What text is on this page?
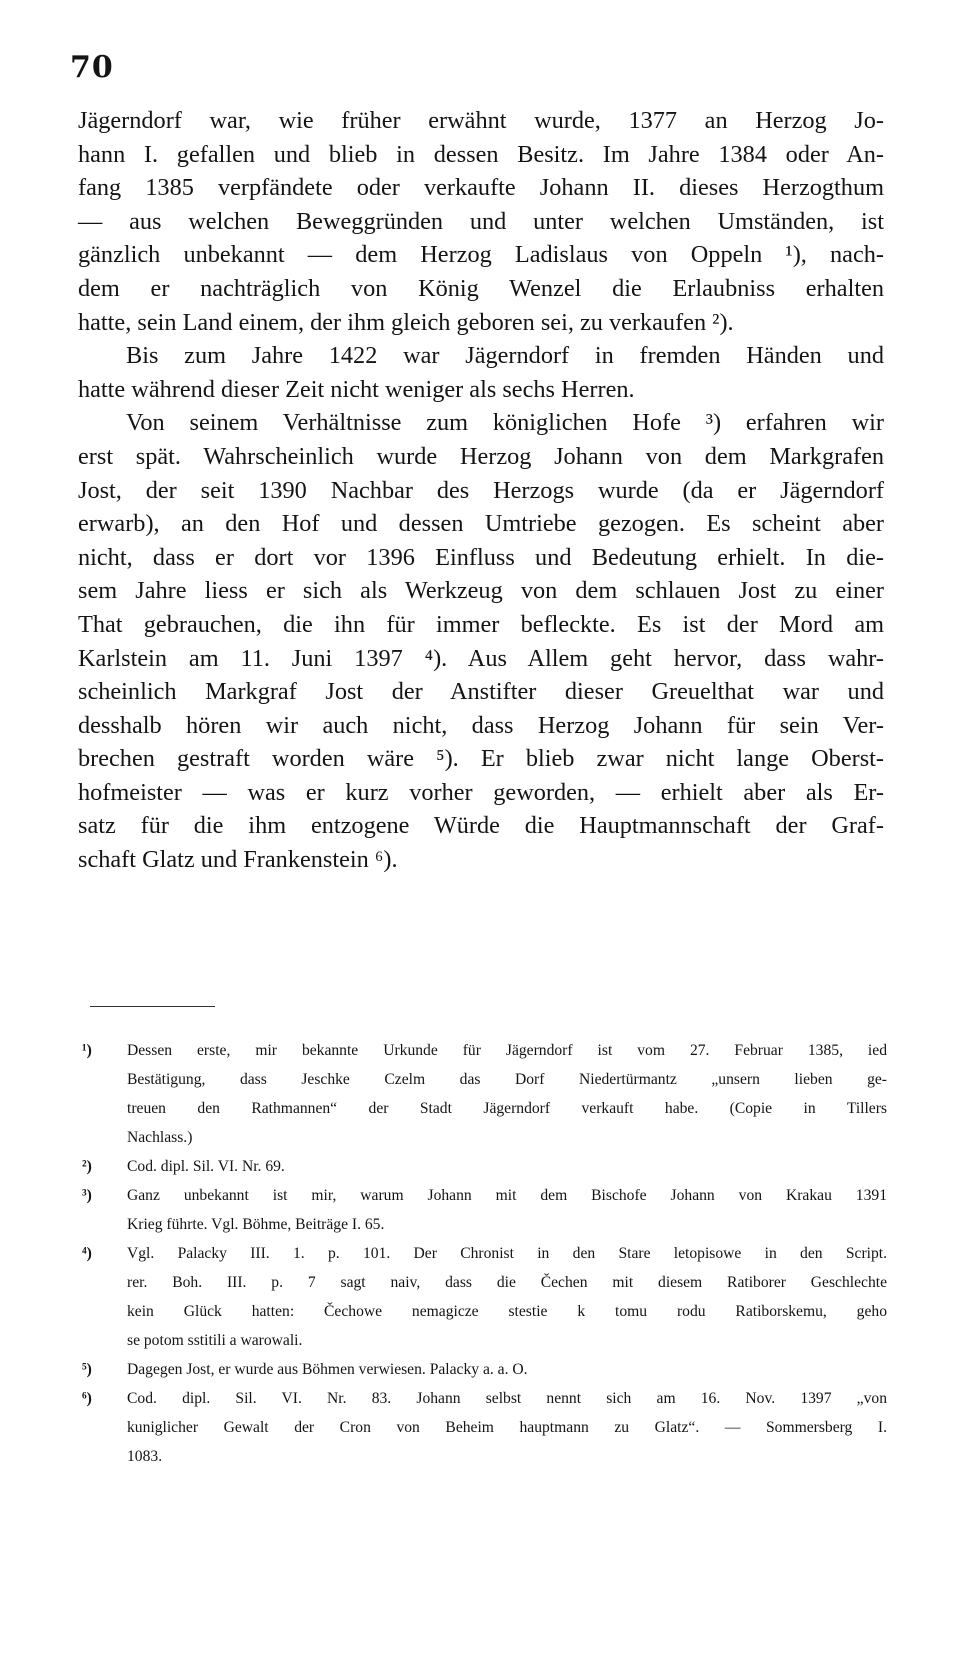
70
Jägerndorf war, wie früher erwähnt wurde, 1377 an Herzog Jo-
hann I. gefallen und blieb in dessen Besitz. Im Jahre 1384 oder An-
fang 1385 verpfändete oder verkaufte Johann II. dieses Herzogthum
— aus welchen Beweggründen und unter welchen Umständen, ist
gänzlich unbekannt — dem Herzog Ladislaus von Oppeln ¹), nach-
dem er nachträglich von König Wenzel die Erlaubniss erhalten
hatte, sein Land einem, der ihm gleich geboren sei, zu verkaufen ²).
Bis zum Jahre 1422 war Jägerndorf in fremden Händen und
hatte während dieser Zeit nicht weniger als sechs Herren.
Von seinem Verhältnisse zum königlichen Hofe ³) erfahren wir
erst spät. Wahrscheinlich wurde Herzog Johann von dem Markgrafen
Jost, der seit 1390 Nachbar des Herzogs wurde (da er Jägerndorf
erwarb), an den Hof und dessen Umtriebe gezogen. Es scheint aber
nicht, dass er dort vor 1396 Einfluss und Bedeutung erhielt. In die-
sem Jahre liess er sich als Werkzeug von dem schlauen Jost zu einer
That gebrauchen, die ihn für immer befleckte. Es ist der Mord am
Karlstein am 11. Juni 1397 ⁴). Aus Allem geht hervor, dass wahr-
scheinlich Markgraf Jost der Anstifter dieser Greuelthat war und
desshalb hören wir auch nicht, dass Herzog Johann für sein Ver-
brechen gestraft worden wäre ⁵). Er blieb zwar nicht lange Oberst-
hofmeister — was er kurz vorher geworden, — erhielt aber als Er-
satz für die ihm entzogene Würde die Hauptmannschaft der Graf-
schaft Glatz und Frankenstein ⁶).
¹) Dessen erste, mir bekannte Urkunde für Jägerndorf ist vom 27. Februar 1385, ied
Bestätigung, dass Jeschke Czelm das Dorf Niedertürmantz „unsern lieben ge-
treuen den Rathmannen“ der Stadt Jägerndorf verkauft habe. (Copie in Tillers
Nachlass.)
²) Cod. dipl. Sil. VI. Nr. 69.
³) Ganz unbekannt ist mir, warum Johann mit dem Bischofe Johann von Krakau 1391
Krieg führte. Vgl. Böhme, Beiträge I. 65.
⁴) Vgl. Palacky III. 1. p. 101. Der Chronist in den Stare letopisowe in den Script.
rer. Boh. III. p. 7 sagt naiv, dass die Čechen mit diesem Ratiborer Geschlechte
kein Glück hatten: Čechowe nemagicze stestie k tomu rodu Ratiborskemu, geho
se potom sstitili a warowali.
⁵) Dagegen Jost, er wurde aus Böhmen verwiesen. Palacky a. a. O.
⁶) Cod. dipl. Sil. VI. Nr. 83. Johann selbst nennt sich am 16. Nov. 1397 „von
kuniglicher Gewalt der Cron von Beheim hauptmann zu Glatz“. — Sommersberg I.
1083.
